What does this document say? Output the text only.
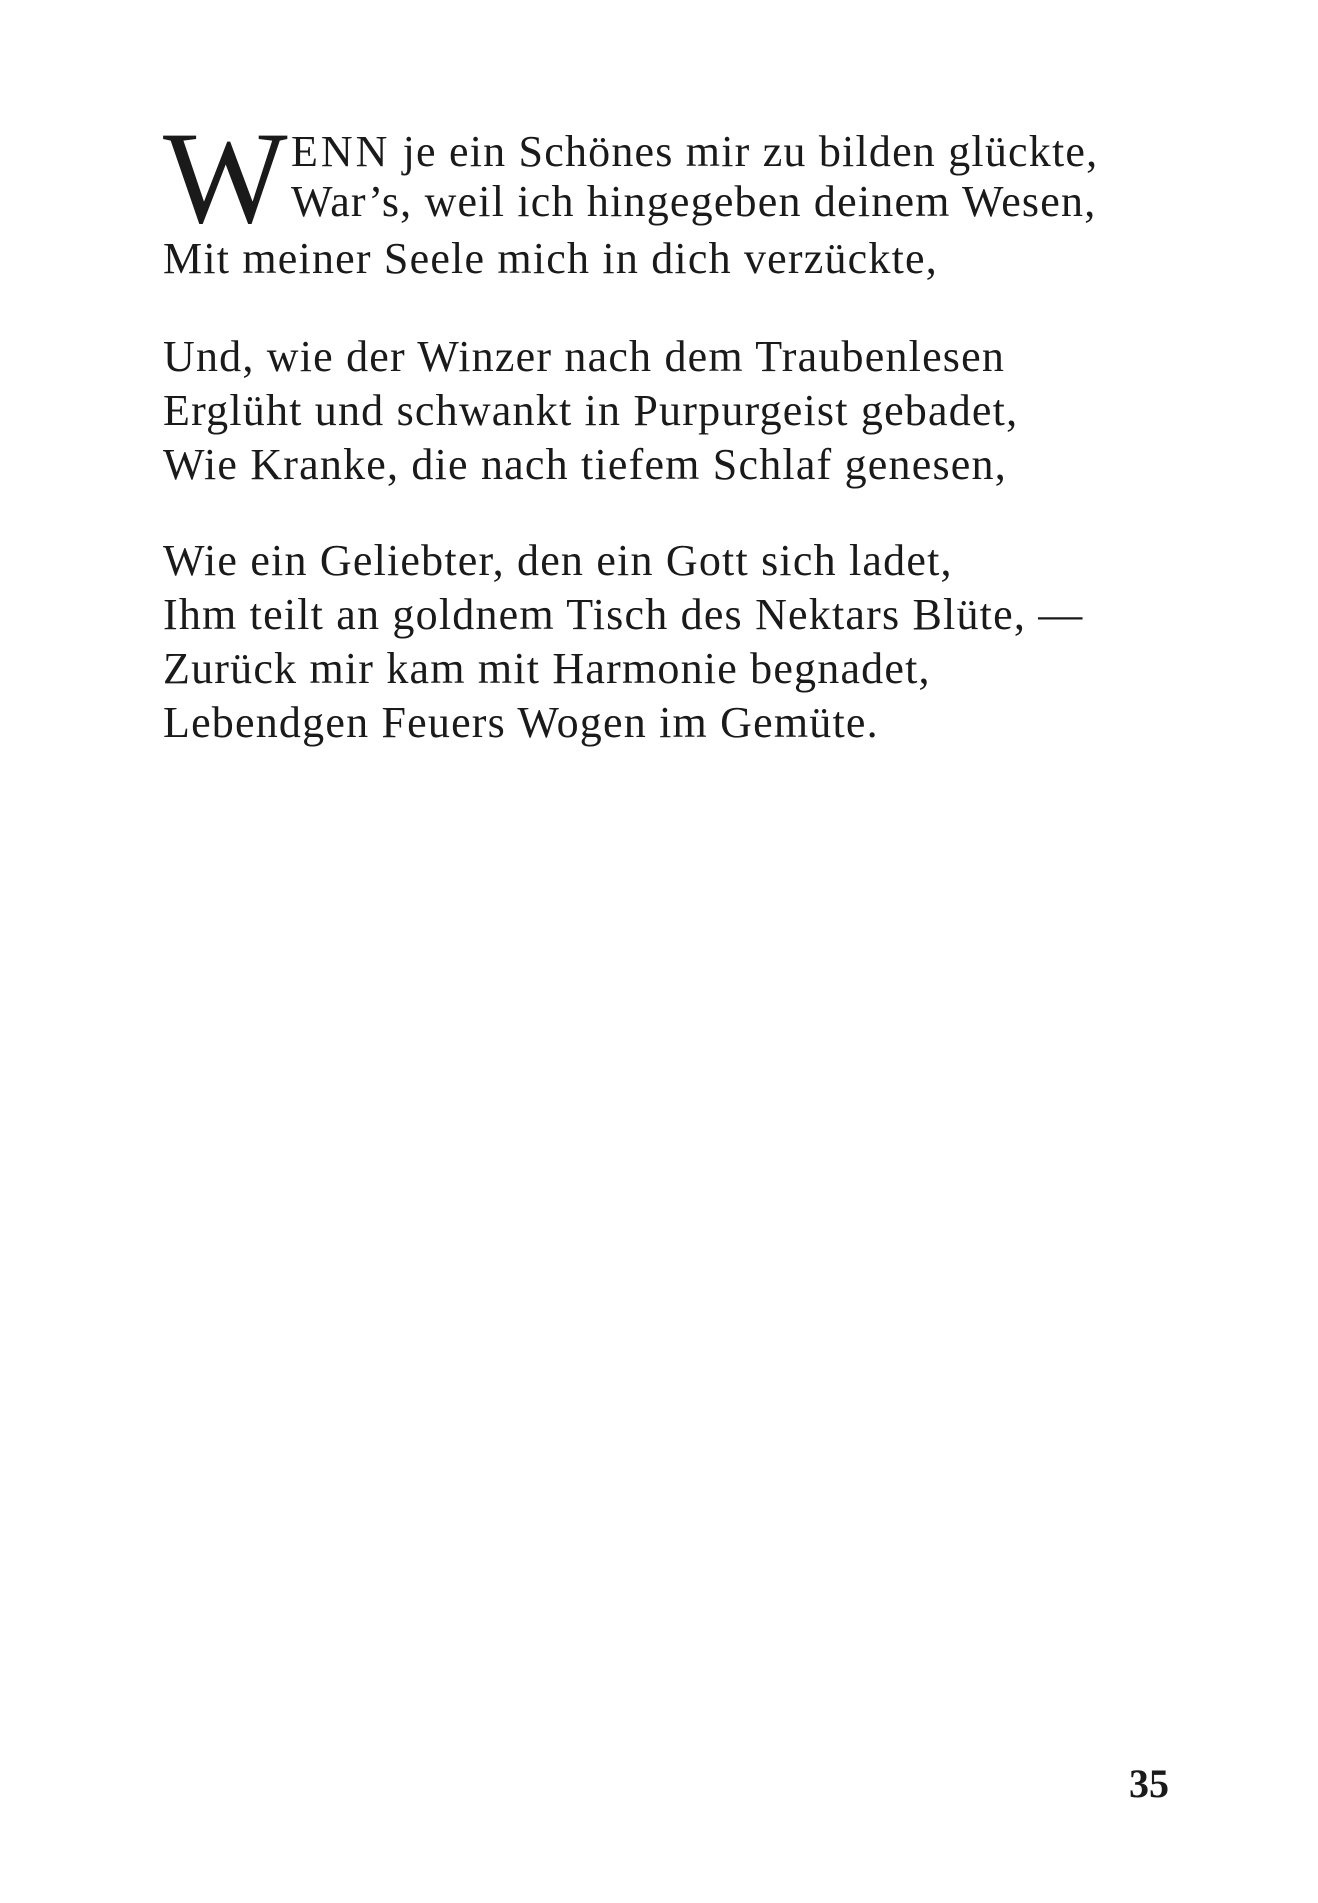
W ENN je ein Schönes mir zu bilden glückte,
War’s, weil ich hingegeben deinem Wesen,
Mit meiner Seele mich in dich verzückte,
Und, wie der Winzer nach dem Traubenlesen
Erglüht und schwankt in Purpurgeist gebadet,
Wie Kranke, die nach tiefem Schlaf genesen,
Wie ein Geliebter, den ein Gott sich ladet,
Ihm teilt an goldnem Tisch des Nektars Blüte, —
Zurück mir kam mit Harmonie begnadet,
Lebendgen Feuers Wogen im Gemüte.
35
